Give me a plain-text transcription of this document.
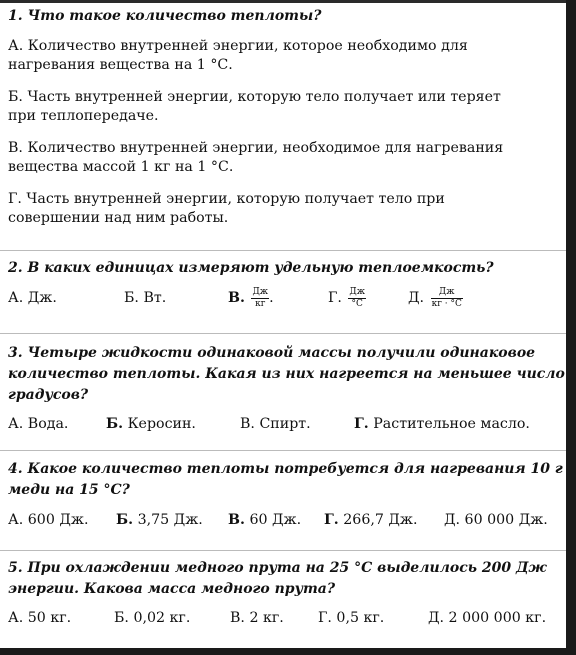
1. Что такое количество теплоты?

А. Количество внутренней энергии, которое необходимо для
нагревания вещества на 1 °С.

Б. Часть внутренней энергии, которую тело получает или теряет
при теплопередаче.

В. Количество внутренней энергии, необходимое для нагревания
вещества массой 1 кг на 1 °С.

Г. Часть внутренней энергии, которую получает тело при
совершении над ним работы.

2. В каких единицах измеряют удельную теплоемкость?

А. Дж.	Б. Вт.	В. $\frac{Дж}{кг}$ .	Г. $\frac{Дж}{^\circ С}$	Д. $\frac{Дж}{кг \cdot ^\circ С}$

3. Четыре жидкости одинаковой массы получили одинаковое

количество теплоты. Какая из них нагреется на меньшее число

градусов?

А. Вода.	Б. Керосин.	В. Спирт.	Г. Растительное масло.

4. Какое количество теплоты потребуется для нагревания 10 г

меди на 15 °С?

А. 600 Дж. Б. 3,75 Дж. В. 60 Дж. Г. 266,7 Дж. Д. 60 000 Дж.

5. При охлаждении медного прута на 25 °С выделилось 200 Дж

энергии. Какова масса медного прута?

А. 50 кг.	Б. 0,02 кг.	В. 2 кг. Г. 0,5 кг.	Д. 2 000 000 кг.
